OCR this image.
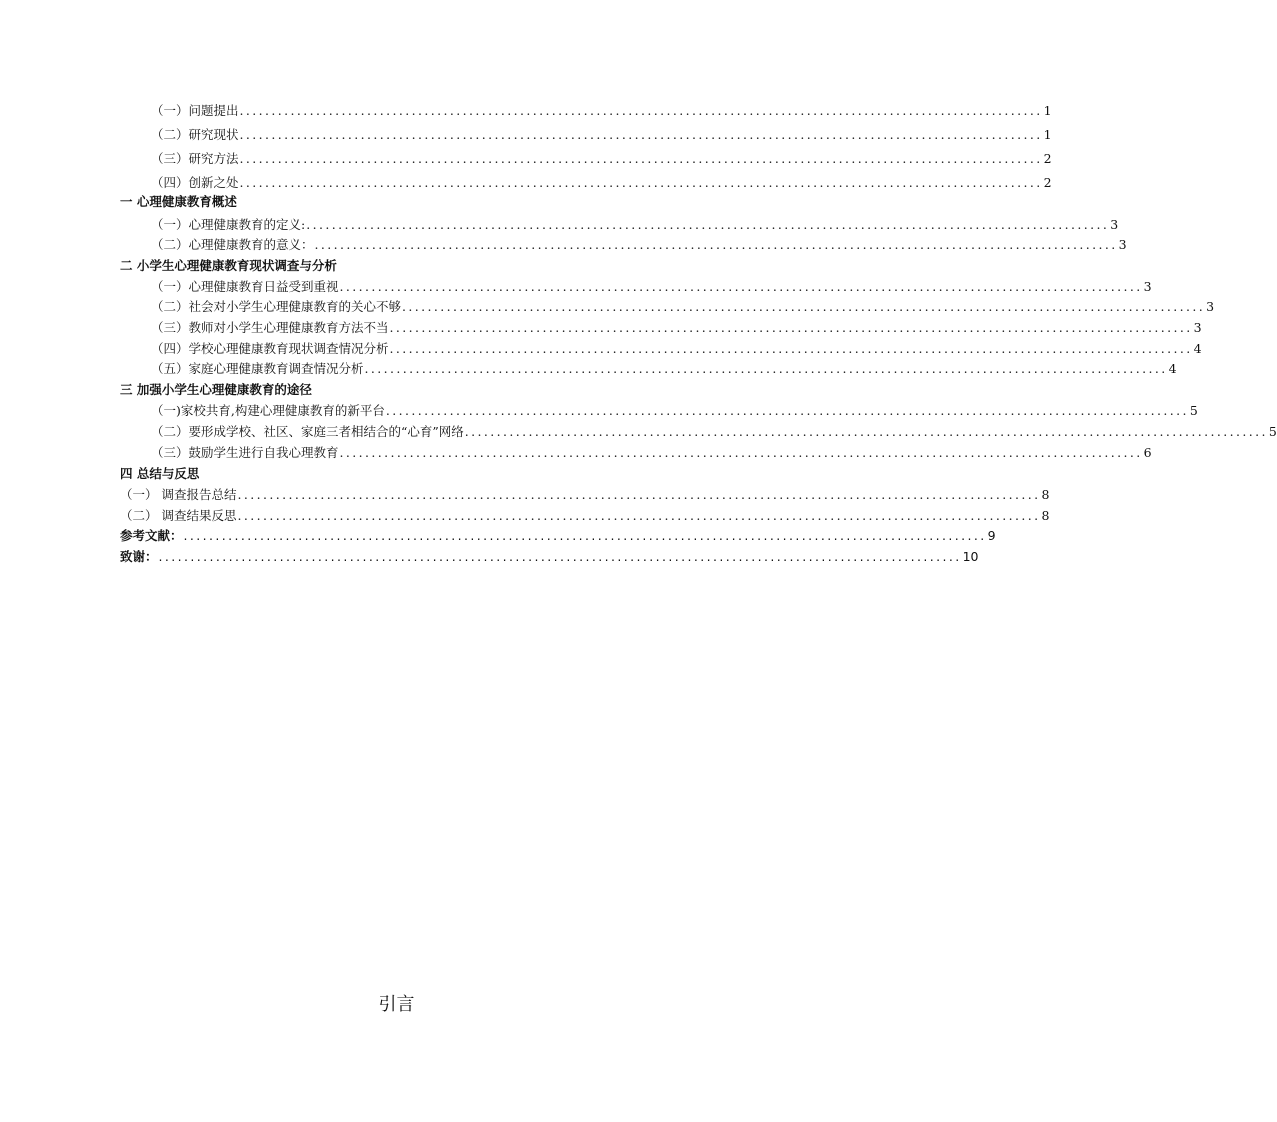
（一）问题提出 .............................................................................................................................. 1
（二）研究现状 .............................................................................................................................. 1
（三）研究方法 .............................................................................................................................. 2
（四）创新之处 .............................................................................................................................. 2
一 心理健康教育概述
（一）心理健康教育的定义: .............................................................................................................................. 3
（二）心理健康教育的意义： .............................................................................................................................. 3
二 小学生心理健康教育现状调查与分析
（一）心理健康教育日益受到重视 .............................................................................................................................. 3
（二）社会对小学生心理健康教育的关心不够 .............................................................................................................................. 3
（三）教师对小学生心理健康教育方法不当 .............................................................................................................................. 3
（四）学校心理健康教育现状调查情况分析 .............................................................................................................................. 4
（五）家庭心理健康教育调查情况分析 .............................................................................................................................. 4
三 加强小学生心理健康教育的途径
（一)家校共育,构建心理健康教育的新平台 .............................................................................................................................. 5
（二）要形成学校、社区、家庭三者相结合的“心育”网络 .............................................................................................................................. 5
（三）鼓励学生进行自我心理教育 .............................................................................................................................. 6
四 总结与反思
（一） 调查报告总结 .............................................................................................................................. 8
（二） 调查结果反思 .............................................................................................................................. 8
参考文献： .............................................................................................................................. 9
致谢： .............................................................................................................................. 10
引言
